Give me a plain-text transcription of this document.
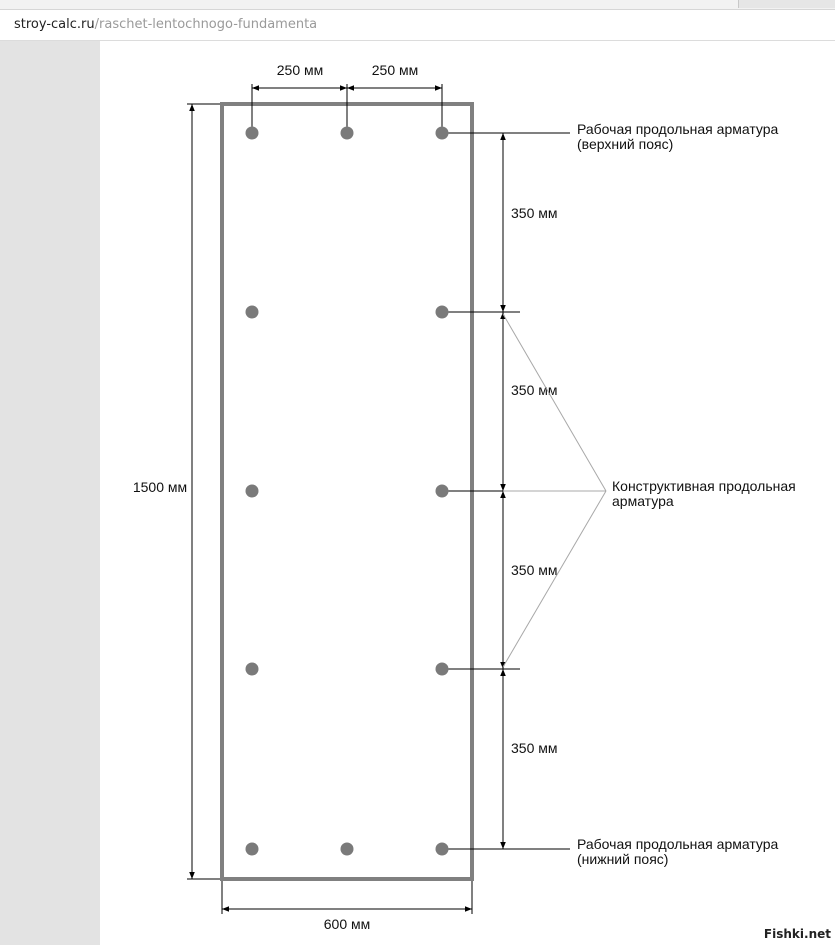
stroy-calc.ru/raschet-lentochnogo-fundamenta
250 мм	250 мм
1500 мм
600 мм
350 мм
350 мм
350 мм
350 мм
Рабочая продольная арматура
(верхний пояс)
Конструктивная продольная
арматура
Рабочая продольная арматура
(нижний пояс)
Fishki.net
